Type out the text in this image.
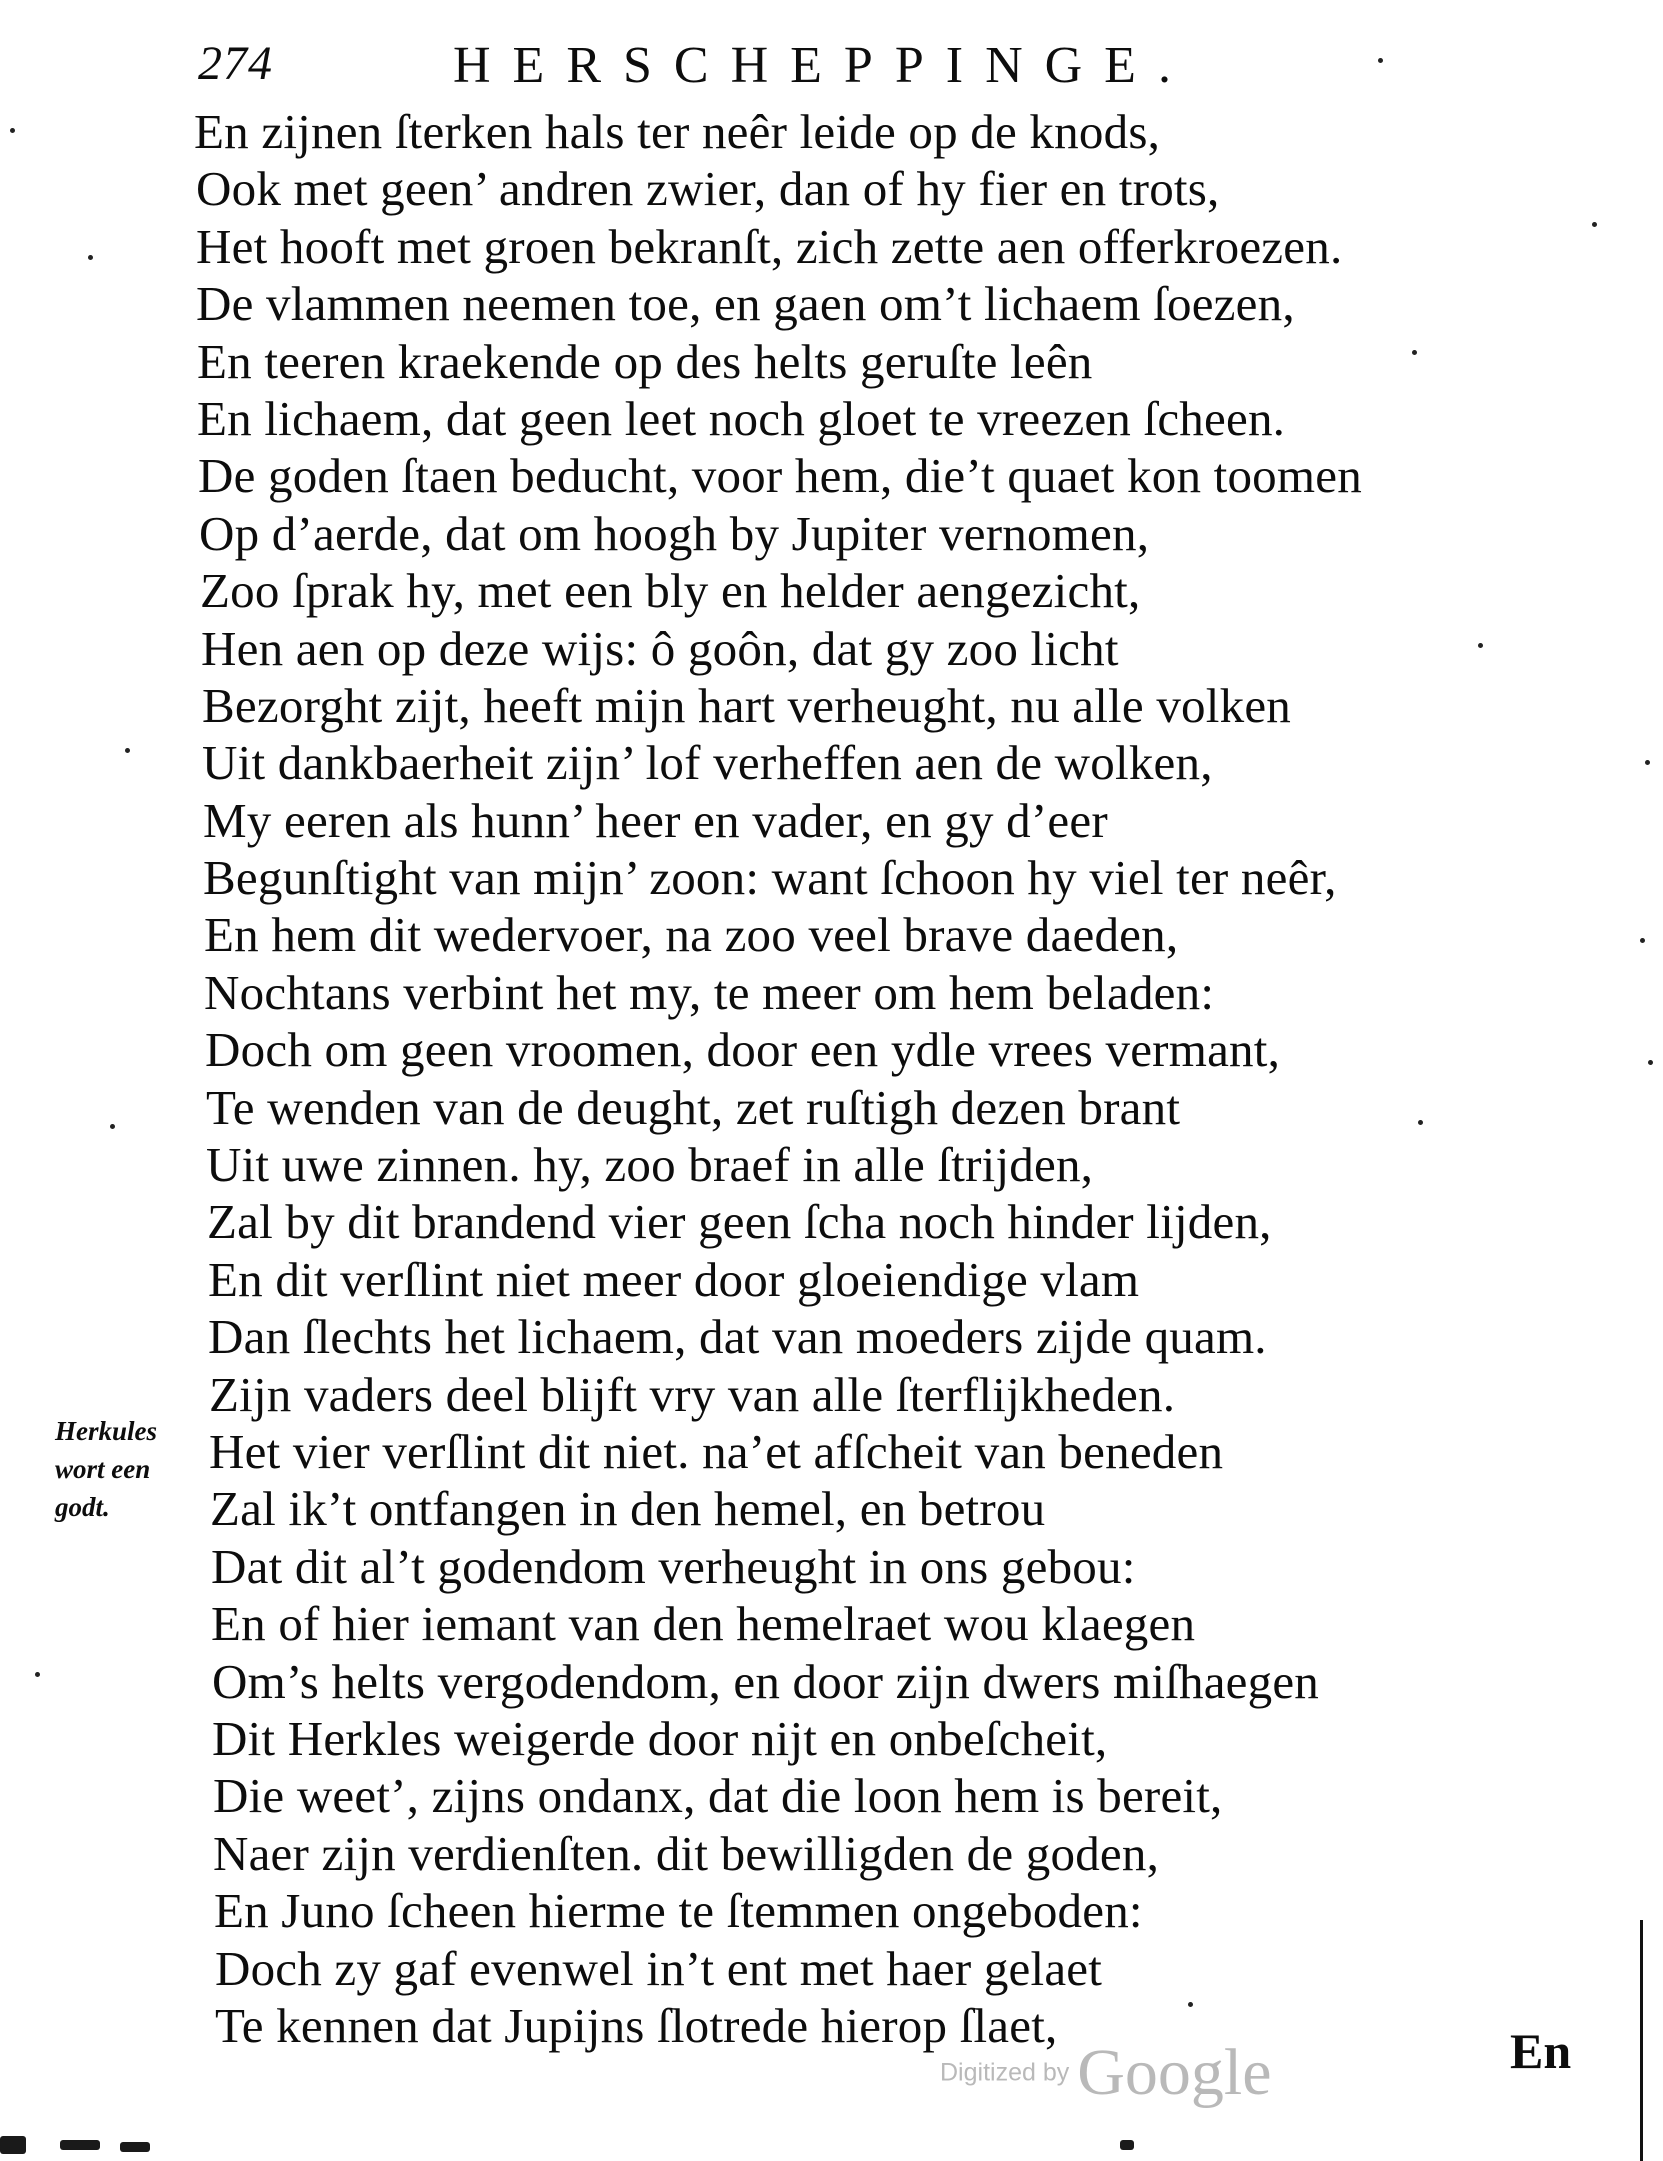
274	HERSCHEPPINGE.
En zijnen ſterken hals ter neêr leide op de knods,
Ook met geen’ andren zwier, dan of hy fier en trots,
Het hooft met groen bekranſt, zich zette aen offerkroezen.
De vlammen neemen toe, en gaen om’t lichaem ſoezen,
En teeren kraekende op des helts geruſte leên
En lichaem, dat geen leet noch gloet te vreezen ſcheen.
De goden ſtaen beducht, voor hem, die’t quaet kon toomen
Op d’aerde, dat om hoogh by Jupiter vernomen,
Zoo ſprak hy, met een bly en helder aengezicht,
Hen aen op deze wijs: ô goôn, dat gy zoo licht
Bezorght zijt, heeft mijn hart verheught, nu alle volken
Uit dankbaerheit zijn’ lof verheffen aen de wolken,
My eeren als hunn’ heer en vader, en gy d’eer
Begunſtight van mijn’ zoon: want ſchoon hy viel ter neêr,
En hem dit wedervoer, na zoo veel brave daeden,
Nochtans verbint het my, te meer om hem beladen:
Doch om geen vroomen, door een ydle vrees vermant,
Te wenden van de deught, zet ruſtigh dezen brant
Uit uwe zinnen. hy, zoo braef in alle ſtrijden,
Zal by dit brandend vier geen ſcha noch hinder lijden,
En dit verſlint niet meer door gloeiendige vlam
Dan ſlechts het lichaem, dat van moeders zijde quam.
Zijn vaders deel blijft vry van alle ſterflijkheden.
Het vier verſlint dit niet. na’et afſcheit van beneden
Zal ik’t ontfangen in den hemel, en betrou
Dat dit al’t godendom verheught in ons gebou:
En of hier iemant van den hemelraet wou klaegen
Om’s helts vergodendom, en door zijn dwers miſhaegen
Dit Herkles weigerde door nijt en onbeſcheit,
Die weet’, zijns ondanx, dat die loon hem is bereit,
Naer zijn verdienſten. dit bewilligden de goden,
En Juno ſcheen hierme te ſtemmen ongeboden:
Doch zy gaf evenwel in’t ent met haer gelaet
Te kennen dat Jupijns ſlotrede hierop ſlaet,
Herkules
wort een
godt.
En
Digitized by Google
